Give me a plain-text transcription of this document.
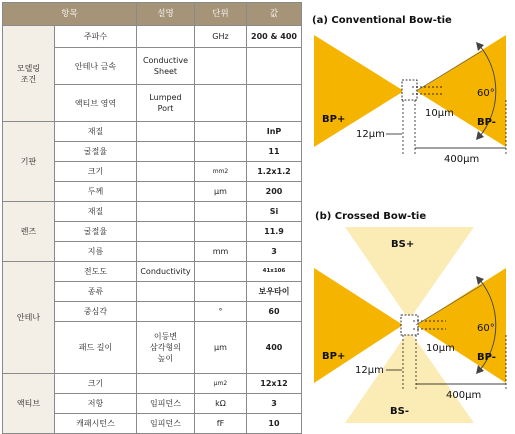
항목		설명	단위	값
모델링
조건	주파수		GHz	200 & 400
	안테나 금속	Conductive
Sheet		
	액티브 영역	Lumped
Port		
기판	재질			InP
	굴절율			11
	크기		mm2	1.2x1.2
	두께		μm	200
렌즈	재질			Si
	굴절율			11.9
	지름		mm	3
안테나	전도도	Conductivity		41x106
	종류			보우타이
	중심각		°	60
	패드 길이	이등변
삼각형의
높이	μm	400
액티브	크기		μm2	12x12
	저항	임피던스	kΩ	3
	캐패시턴스	임피던스	fF	10
(a) Conventional Bow-tie
60°
10μm
BP+	BP-
12μm
400μm
(b) Crossed Bow-tie
60°
10μm
BS+
BS-
BP+	BP-
12μm
400μm
